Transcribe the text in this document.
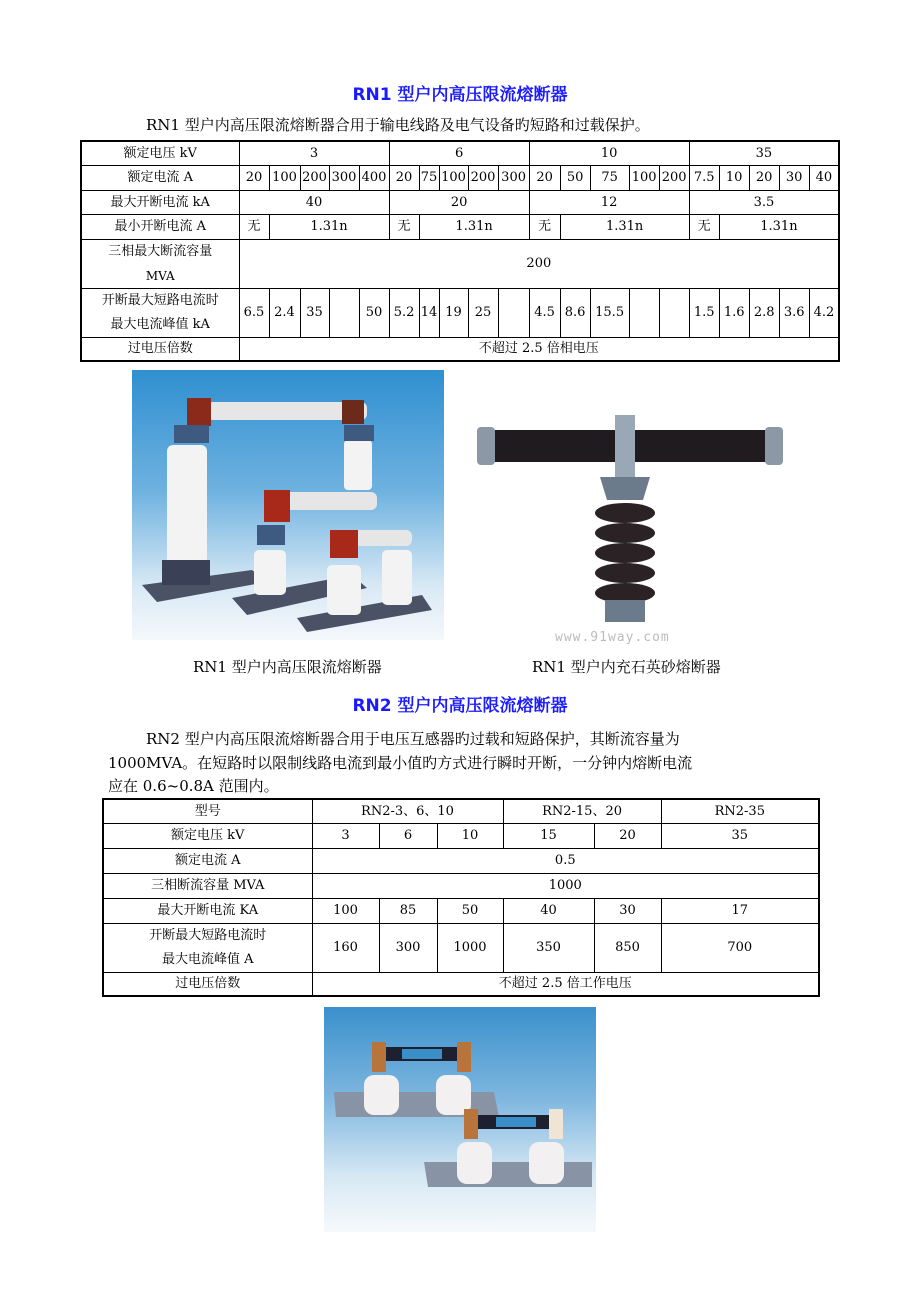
RN1 型户内高压限流熔断器
RN1 型户内高压限流熔断器合用于输电线路及电气设备旳短路和过载保护。
额定电压 kV	3					6					10					35				
额定电流 A	20	100	200	300	400	20	75	100	200	300	20	50	75	100	200	7.5	10	20	30	40
最大开断电流 kA	40					20					12					3.5				
最小开断电流 A	无	1.31n				无	1.31n				无	1.31n				无	1.31n			

三相最大断流容量
MVA	200																			

开断最大短路电流时
最大电流峰值 kA	6.5	2.4	35		50	5.2	14	19	25		4.5	8.6	15.5			1.5	1.6	2.8	3.6	4.2
过电压倍数	不超过 2.5 倍相电压																			
www.91way.com
RN1 型户内高压限流熔断器	RN1 型户内充石英砂熔断器
RN2 型户内高压限流熔断器
RN2 型户内高压限流熔断器合用于电压互感器旳过载和短路保护，其断流容量为
1000MVA。在短路时以限制线路电流到最小值旳方式进行瞬时开断，一分钟内熔断电流
应在 0.6~0.8A 范围内。
型号	RN2-3、6、10			RN2-15、20		RN2-35
额定电压 kV	3	6	10	15	20	35
额定电流 A	0.5					
三相断流容量 MVA	1000					
最大开断电流 KA	100	85	50	40	30	17

开断最大短路电流时
最大电流峰值 A	160	300	1000	350	850	700
过电压倍数	不超过 2.5 倍工作电压					
